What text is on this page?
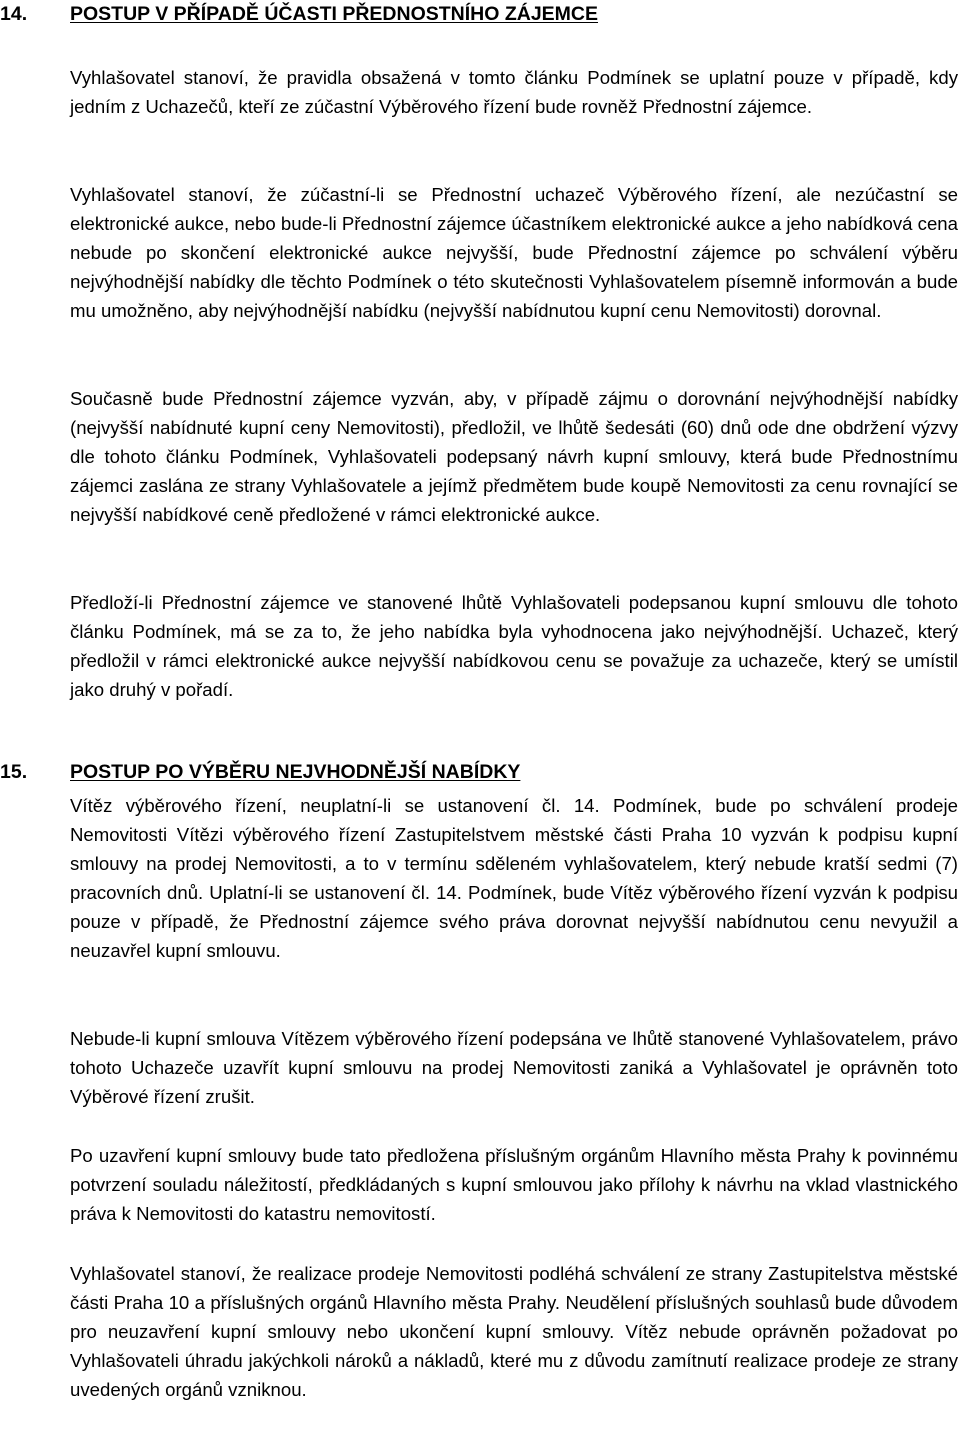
14. POSTUP V PŘÍPADĚ ÚČASTI PŘEDNOSTNÍHO ZÁJEMCE

Vyhlašovatel stanoví, že pravidla obsažená v tomto článku Podmínek se uplatní pouze v případě, kdy jedním z Uchazečů, kteří ze zúčastní Výběrového řízení bude rovněž Přednostní zájemce.

Vyhlašovatel stanoví, že zúčastní-li se Přednostní uchazeč Výběrového řízení, ale nezúčastní se elektronické aukce, nebo bude-li Přednostní zájemce účastníkem elektronické aukce a jeho nabídková cena nebude po skončení elektronické aukce nejvyšší, bude Přednostní zájemce po schválení výběru nejvýhodnější nabídky dle těchto Podmínek o této skutečnosti Vyhlašovatelem písemně informován a bude mu umožněno, aby nejvýhodnější nabídku (nejvyšší nabídnutou kupní cenu Nemovitosti) dorovnal.

Současně bude Přednostní zájemce vyzván, aby, v případě zájmu o dorovnání nejvýhodnější nabídky (nejvyšší nabídnuté kupní ceny Nemovitosti), předložil, ve lhůtě šedesáti (60) dnů ode dne obdržení výzvy dle tohoto článku Podmínek, Vyhlašovateli podepsaný návrh kupní smlouvy, která bude Přednostnímu zájemci zaslána ze strany Vyhlašovatele a jejímž předmětem bude koupě Nemovitosti za cenu rovnající se nejvyšší nabídkové ceně předložené v rámci elektronické aukce.

Předloží-li Přednostní zájemce ve stanovené lhůtě Vyhlašovateli podepsanou kupní smlouvu dle tohoto článku Podmínek, má se za to, že jeho nabídka byla vyhodnocena jako nejvýhodnější. Uchazeč, který předložil v rámci elektronické aukce nejvyšší nabídkovou cenu se považuje za uchazeče, který se umístil jako druhý v pořadí.

15. POSTUP PO VÝBĚRU NEJVHODNĚJŠÍ NABÍDKY

Vítěz výběrového řízení, neuplatní-li se ustanovení čl. 14. Podmínek, bude po schválení prodeje Nemovitosti Vítězi výběrového řízení Zastupitelstvem městské části Praha 10 vyzván k podpisu kupní smlouvy na prodej Nemovitosti, a to v termínu sděleném vyhlašovatelem, který nebude kratší sedmi (7) pracovních dnů. Uplatní-li se ustanovení čl. 14. Podmínek, bude Vítěz výběrového řízení vyzván k podpisu pouze v případě, že Přednostní zájemce svého práva dorovnat nejvyšší nabídnutou cenu nevyužil a neuzavřel kupní smlouvu.

Nebude-li kupní smlouva Vítězem výběrového řízení podepsána ve lhůtě stanovené Vyhlašovatelem, právo tohoto Uchazeče uzavřít kupní smlouvu na prodej Nemovitosti zaniká a Vyhlašovatel je oprávněn toto Výběrové řízení zrušit.

Po uzavření kupní smlouvy bude tato předložena příslušným orgánům Hlavního města Prahy k povinnému potvrzení souladu náležitostí, předkládaných s kupní smlouvou jako přílohy k návrhu na vklad vlastnického práva k Nemovitosti do katastru nemovitostí.

Vyhlašovatel stanoví, že realizace prodeje Nemovitosti podléhá schválení ze strany Zastupitelstva městské části Praha 10 a příslušných orgánů Hlavního města Prahy. Neudělení příslušných souhlasů bude důvodem pro neuzavření kupní smlouvy nebo ukončení kupní smlouvy. Vítěz nebude oprávněn požadovat po Vyhlašovateli úhradu jakýchkoli nároků a nákladů, které mu z důvodu zamítnutí realizace prodeje ze strany uvedených orgánů vzniknou.
